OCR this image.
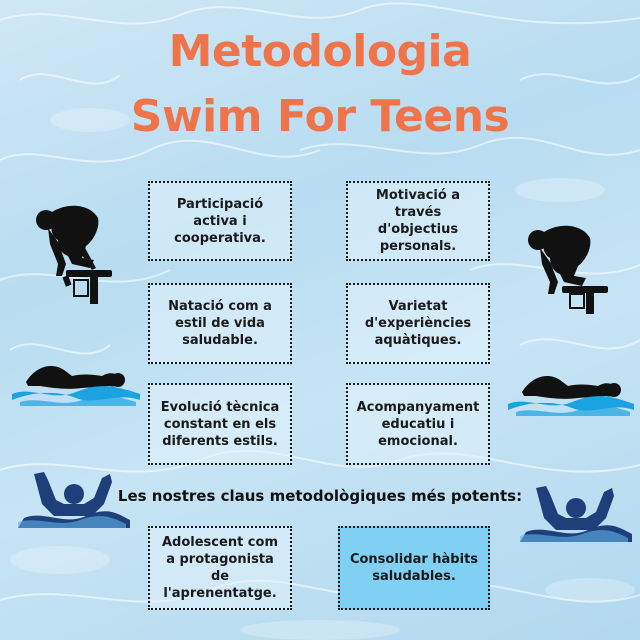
Metodologia
Swim For Teens
Participació activa i cooperativa.
Motivació a través d'objectius personals.
Natació com a estil de vida saludable.
Varietat d'experiències aquàtiques.
Evolució tècnica constant en els diferents estils.
Acompanyament educatiu i emocional.
Les nostres claus metodològiques més potents:
Adolescent com a protagonista de l'aprenentatge.
Consolidar hàbits saludables.
